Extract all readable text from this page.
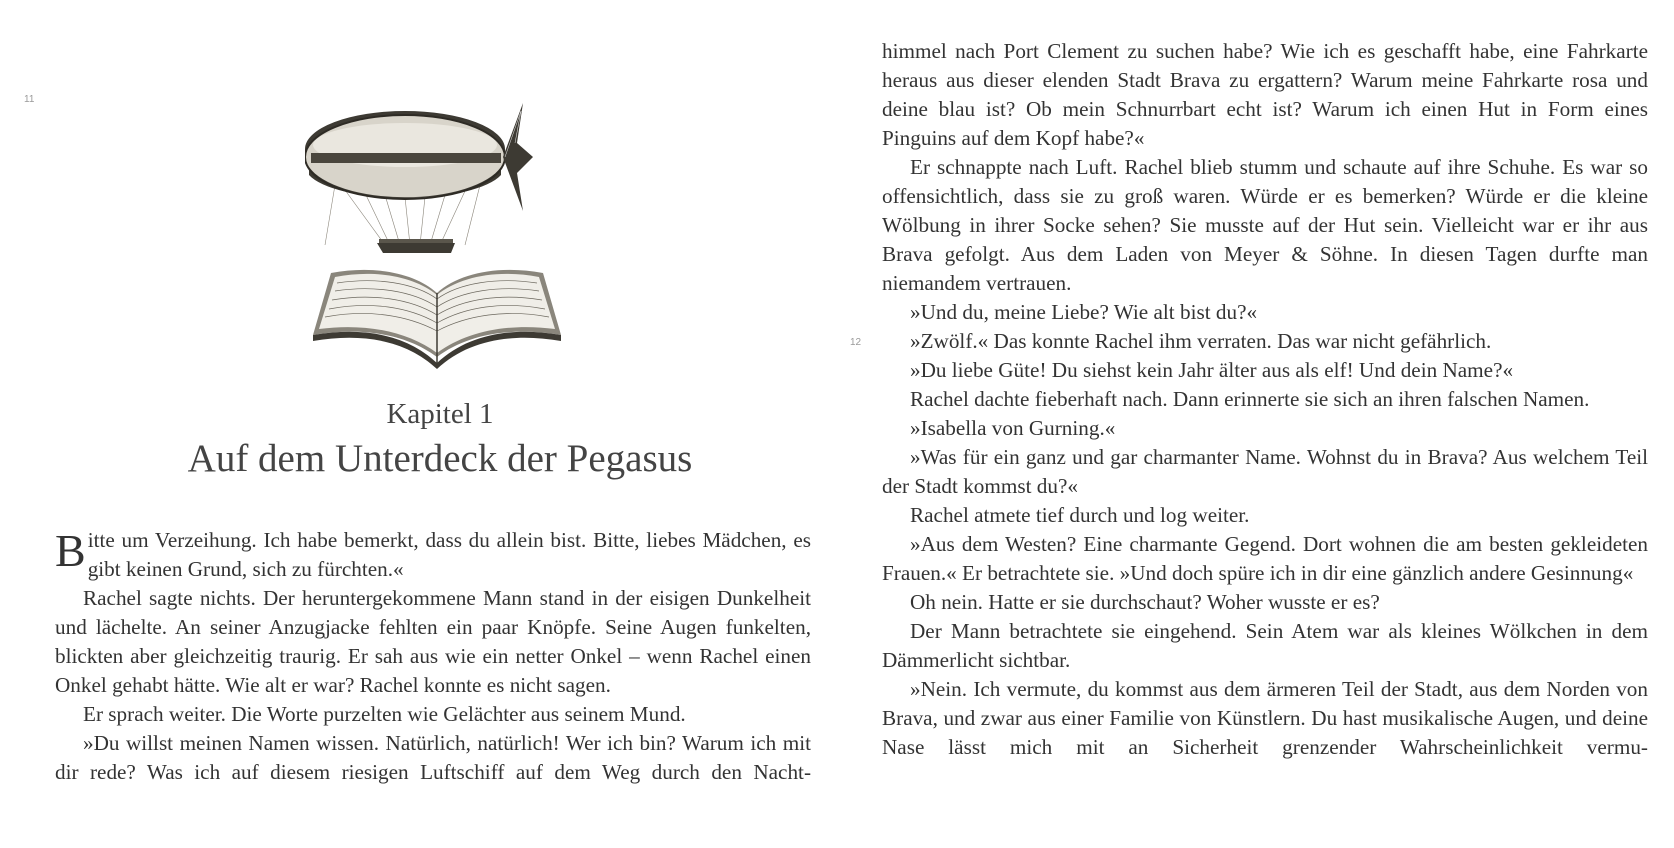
11
Kapitel 1
Auf dem Unterdeck der Pegasus

Bitte um Verzeihung. Ich habe bemerkt, dass du allein bist. Bitte, liebes Mädchen, es gibt keinen Grund, sich zu fürchten.«

Rachel sagte nichts. Der heruntergekommene Mann stand in der eisigen Dunkelheit und lächelte. An seiner Anzugjacke fehlten ein paar Knöpfe. Seine Augen funkelten, blickten aber gleichzeitig traurig. Er sah aus wie ein netter Onkel – wenn Rachel einen Onkel gehabt hätte. Wie alt er war? Rachel konnte es nicht sagen.

Er sprach weiter. Die Worte purzelten wie Gelächter aus seinem Mund.

»Du willst meinen Namen wissen. Natürlich, natürlich! Wer ich bin? Warum ich mit dir rede? Was ich auf diesem riesigen Luftschiff auf dem Weg durch den Nacht-

12

himmel nach Port Clement zu suchen habe? Wie ich es geschafft habe, eine Fahrkarte heraus aus dieser elenden Stadt Brava zu ergattern? Warum meine Fahrkarte rosa und deine blau ist? Ob mein Schnurrbart echt ist? Warum ich einen Hut in Form eines Pinguins auf dem Kopf habe?«

Er schnappte nach Luft. Rachel blieb stumm und schaute auf ihre Schuhe. Es war so offensichtlich, dass sie zu groß waren. Würde er es bemerken? Würde er die kleine Wölbung in ihrer Socke sehen? Sie musste auf der Hut sein. Vielleicht war er ihr aus Brava gefolgt. Aus dem Laden von Meyer & Söhne. In diesen Tagen durfte man niemandem vertrauen.

»Und du, meine Liebe? Wie alt bist du?«

»Zwölf.« Das konnte Rachel ihm verraten. Das war nicht gefährlich.

»Du liebe Güte! Du siehst kein Jahr älter aus als elf! Und dein Name?«

Rachel dachte fieberhaft nach. Dann erinnerte sie sich an ihren falschen Namen.

»Isabella von Gurning.«

»Was für ein ganz und gar charmanter Name. Wohnst du in Brava? Aus welchem Teil der Stadt kommst du?«

Rachel atmete tief durch und log weiter.

»Aus dem Westen? Eine charmante Gegend. Dort wohnen die am besten gekleideten Frauen.« Er betrachtete sie. »Und doch spüre ich in dir eine gänzlich andere Gesinnung«

Oh nein. Hatte er sie durchschaut? Woher wusste er es?

Der Mann betrachtete sie eingehend. Sein Atem war als kleines Wölkchen in dem Dämmerlicht sichtbar.

»Nein. Ich vermute, du kommst aus dem ärmeren Teil der Stadt, aus dem Norden von Brava, und zwar aus einer Familie von Künstlern. Du hast musikalische Augen, und deine Nase lässt mich mit an Sicherheit grenzender Wahrscheinlichkeit vermu-
